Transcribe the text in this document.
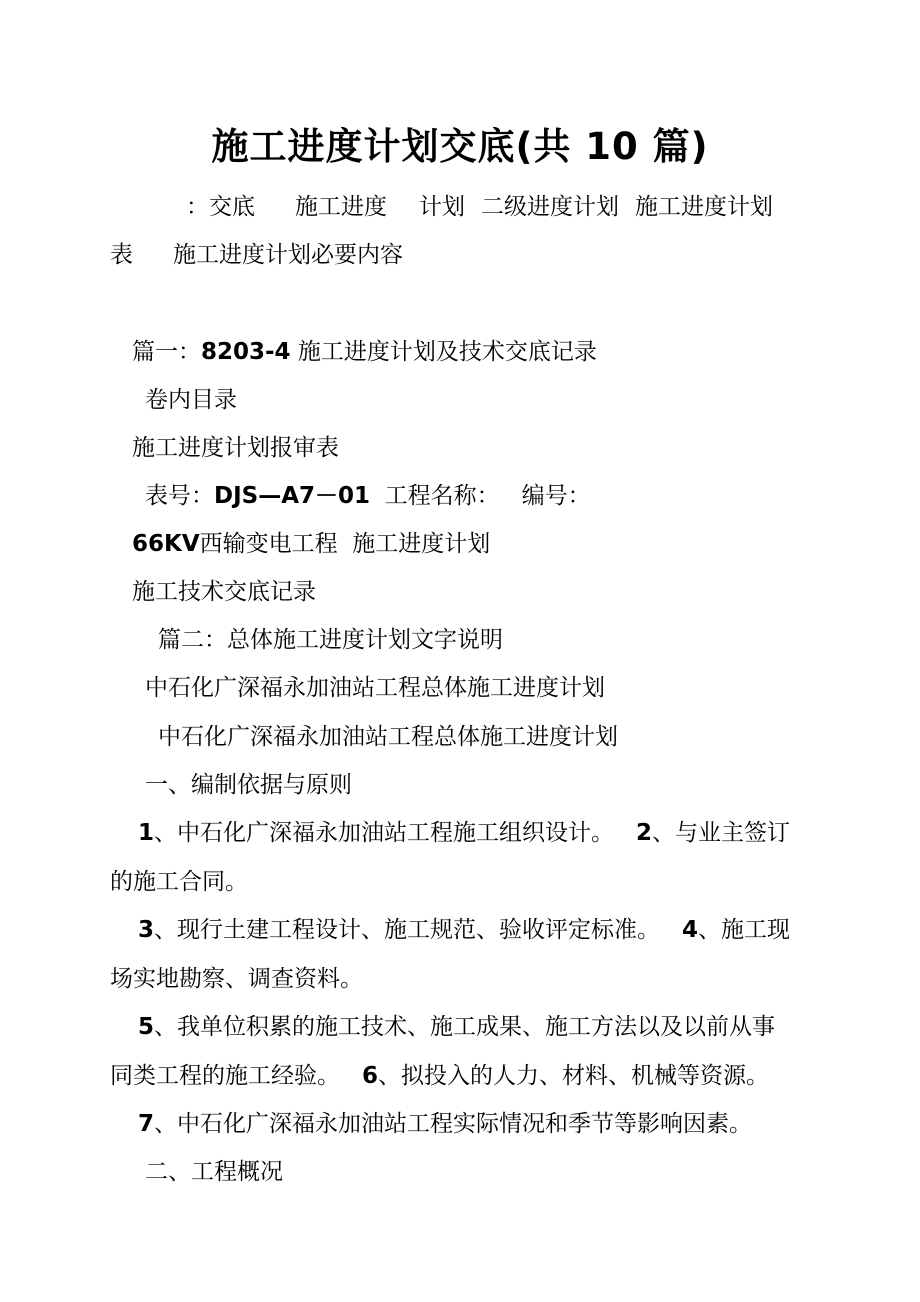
施工进度计划交底(共 10 篇)
：交底 施工进度 计划 二级进度计划 施工进度计划
表 施工进度计划必要内容
篇一：8203-4 施工进度计划及技术交底记录
卷内目录
施工进度计划报审表
表号：DJS—A7－01 工程名称： 编号：
66KV西输变电工程 施工进度计划
施工技术交底记录
篇二：总体施工进度计划文字说明
中石化广深福永加油站工程总体施工进度计划
中石化广深福永加油站工程总体施工进度计划
一、编制依据与原则
1、中石化广深福永加油站工程施工组织设计。 2、与业主签订
的施工合同。
3、现行土建工程设计、施工规范、验收评定标准。 4、施工现
场实地勘察、调查资料。
5、我单位积累的施工技术、施工成果、施工方法以及以前从事
同类工程的施工经验。 6、拟投入的人力、材料、机械等资源。
7、中石化广深福永加油站工程实际情况和季节等影响因素。
二、工程概况
